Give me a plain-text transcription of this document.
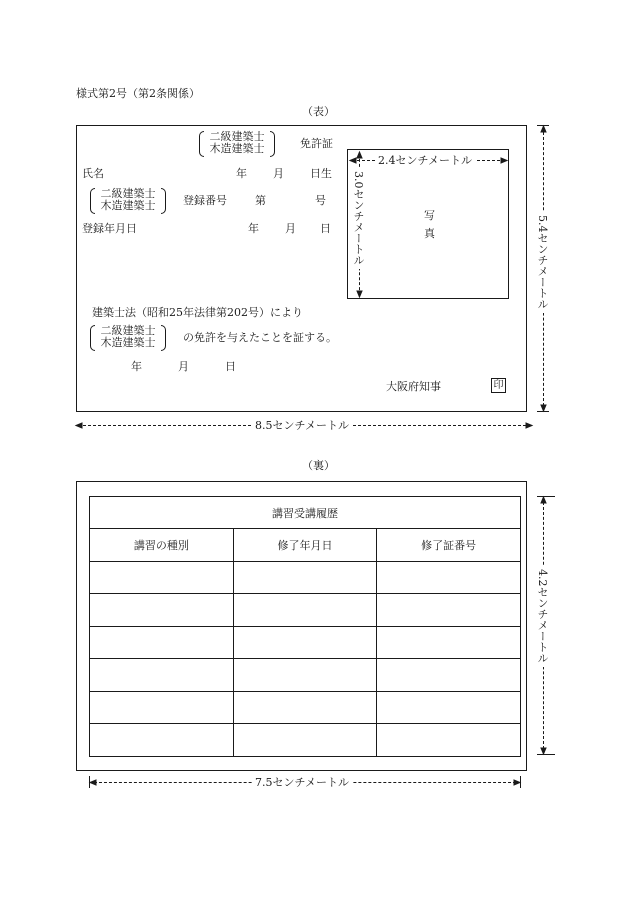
様式第2号（第2条関係）
（表）
二級建築士
木造建築士	免許証
氏名	年 月 日生
二級建築士
木造建築士	登録番号	第	号
登録年月日	年 月 日
2.4センチメートル
3.0センチメートル	写
真
建築士法（昭和25年法律第202号）により
二級建築士
木造建築士	の免許を与えたことを証する。
年	月	日
大阪府知事	印
8.5センチメートル
5.4センチメートル
（裏）
講習受講履歴		
講習の種別	修了年月日	修了証番号

7.5センチメートル
4.2センチメートル
